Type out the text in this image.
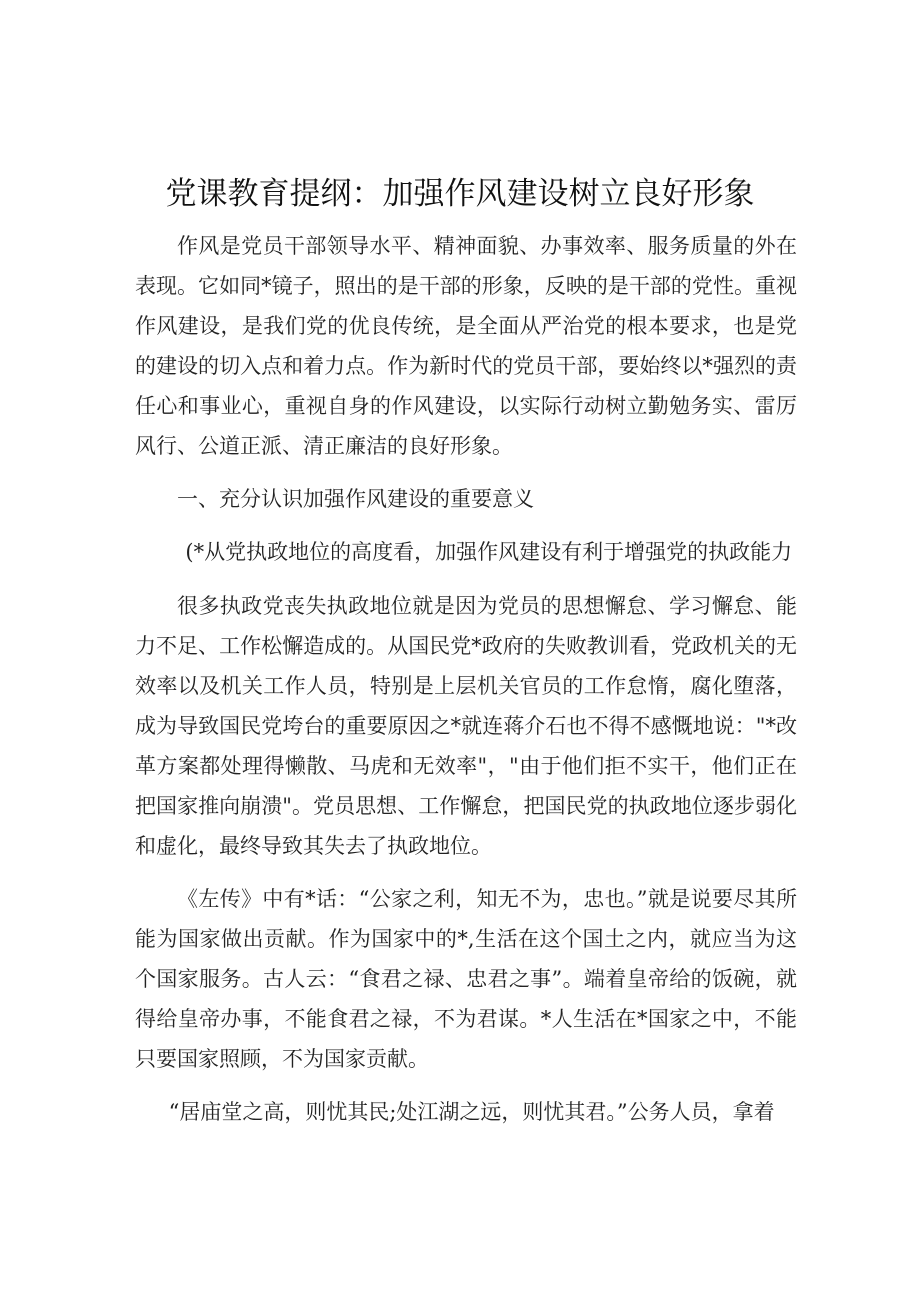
党课教育提纲：加强作风建设树立良好形象

作风是党员干部领导水平、精神面貌、办事效率、服务质量的外在表现。它如同*镜子，照出的是干部的形象，反映的是干部的党性。重视作风建设，是我们党的优良传统，是全面从严治党的根本要求，也是党的建设的切入点和着力点。作为新时代的党员干部，要始终以*强烈的责任心和事业心，重视自身的作风建设，以实际行动树立勤勉务实、雷厉风行、公道正派、清正廉洁的良好形象。

一、充分认识加强作风建设的重要意义

(*从党执政地位的高度看，加强作风建设有利于增强党的执政能力

很多执政党丧失执政地位就是因为党员的思想懈怠、学习懈怠、能力不足、工作松懈造成的。从国民党*政府的失败教训看，党政机关的无效率以及机关工作人员，特别是上层机关官员的工作怠惰，腐化堕落，成为导致国民党垮台的重要原因之*就连蒋介石也不得不感慨地说："*改革方案都处理得懒散、马虎和无效率"，"由于他们拒不实干，他们正在把国家推向崩溃"。党员思想、工作懈怠，把国民党的执政地位逐步弱化和虚化，最终导致其失去了执政地位。

《左传》中有*话：“公家之利，知无不为，忠也。”就是说要尽其所能为国家做出贡献。作为国家中的*,生活在这个国土之内，就应当为这个国家服务。古人云：“食君之禄、忠君之事”。端着皇帝给的饭碗，就得给皇帝办事，不能食君之禄，不为君谋。*人生活在*国家之中，不能只要国家照顾，不为国家贡献。

“居庙堂之高，则忧其民;处江湖之远，则忧其君。”公务人员，拿着
